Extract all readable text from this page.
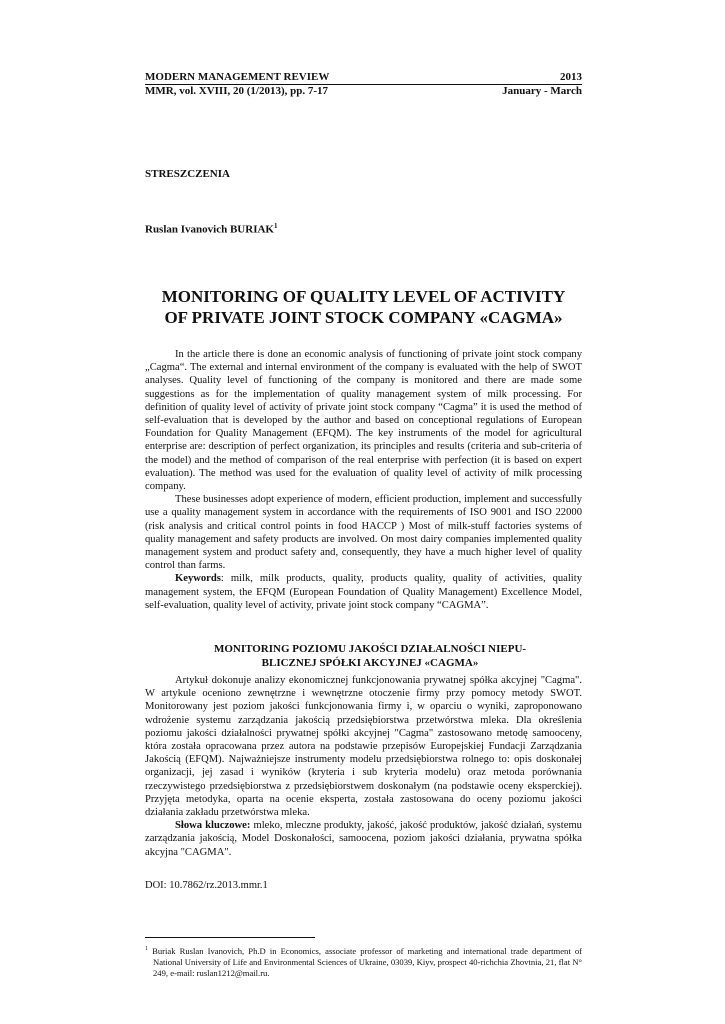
MODERN MANAGEMENT REVIEW	2013
MMR, vol. XVIII, 20 (1/2013), pp. 7-17	January - March
STRESZCZENIA
Ruslan Ivanovich BURIAK$^1$
MONITORING OF QUALITY LEVEL OF ACTIVITY
OF PRIVATE JOINT STOCK COMPANY «CAGMA»

In the article there is done an economic analysis of functioning of private joint stock company „Cagma“. The external and internal environment of the company is evaluated with the help of SWOT analyses. Quality level of functioning of the company is monitored and there are made some suggestions as for the implementation of quality management system of milk processing. For definition of quality level of activity of private joint stock company “Cagma” it is used the method of self-evaluation that is developed by the author and based on conceptional regulations of European Foundation for Quality Management (EFQM). The key instruments of the model for agricultural enterprise are: description of perfect organization, its principles and results (criteria and sub-criteria of the model) and the method of comparison of the real enterprise with perfection (it is based on expert evaluation). The method was used for the evaluation of quality level of activity of milk processing company.

These businesses adopt experience of modern, efficient production, implement and successfully use a quality management system in accordance with the requirements of ISO 9001 and ISO 22000 (risk analysis and critical control points in food HACCP ) Most of milk-stuff factories systems of quality management and safety products are involved. On most dairy companies implemented quality management system and product safety and, consequently, they have a much higher level of quality control than farms.

Keywords: milk, milk products, quality, products quality, quality of activities, quality management system, the EFQM (European Foundation of Quality Management) Excellence Model, self-evaluation, quality level of activity, private joint stock company “CAGMA”.

MONITORING POZIOMU JAKOŚCI DZIAŁALNOŚCI NIEPU-
BLICZNEJ SPÓŁKI AKCYJNEJ «CAGMA»

Artykuł dokonuje analizy ekonomicznej funkcjonowania prywatnej spółka akcyjnej "Cagma". W artykule oceniono zewnętrzne i wewnętrzne otoczenie firmy przy pomocy metody SWOT. Monitorowany jest poziom jakości funkcjonowania firmy i, w oparciu o wyniki, zaproponowano wdrożenie systemu zarządzania jakością przedsiębiorstwa przetwórstwa mleka. Dla określenia poziomu jakości działalności prywatnej spółki akcyjnej "Cagma" zastosowano metodę samooceny, która została opracowana przez autora na podstawie przepisów Europejskiej Fundacji Zarządzania Jakością (EFQM). Najważniejsze instrumenty modelu przedsiębiorstwa rolnego to: opis doskonałej organizacji, jej zasad i wyników (kryteria i sub kryteria modelu) oraz metoda porównania rzeczywistego przedsiębiorstwa z przedsiębiorstwem doskonałym (na podstawie oceny eksperckiej). Przyjęta metodyka, oparta na ocenie eksperta, została zastosowana do oceny poziomu jakości działania zakładu przetwórstwa mleka.

Słowa kluczowe: mleko, mleczne produkty, jakość, jakość produktów, jakość działań, systemu zarządzania jakością, Model Doskonałości, samoocena, poziom jakości działania, prywatna spółka akcyjna "CAGMA".

DOI: 10.7862/rz.2013.mmr.1
$^1$ Buriak Ruslan Ivanovich, Ph.D in Economics, associate professor of marketing and international trade department of National University of Life and Environmental Sciences of Ukraine, 03039, Kiyv, prospect 40-richchia Zhovtnia, 21, flat N° 249, e-mail: ruslan1212@mail.ru.
